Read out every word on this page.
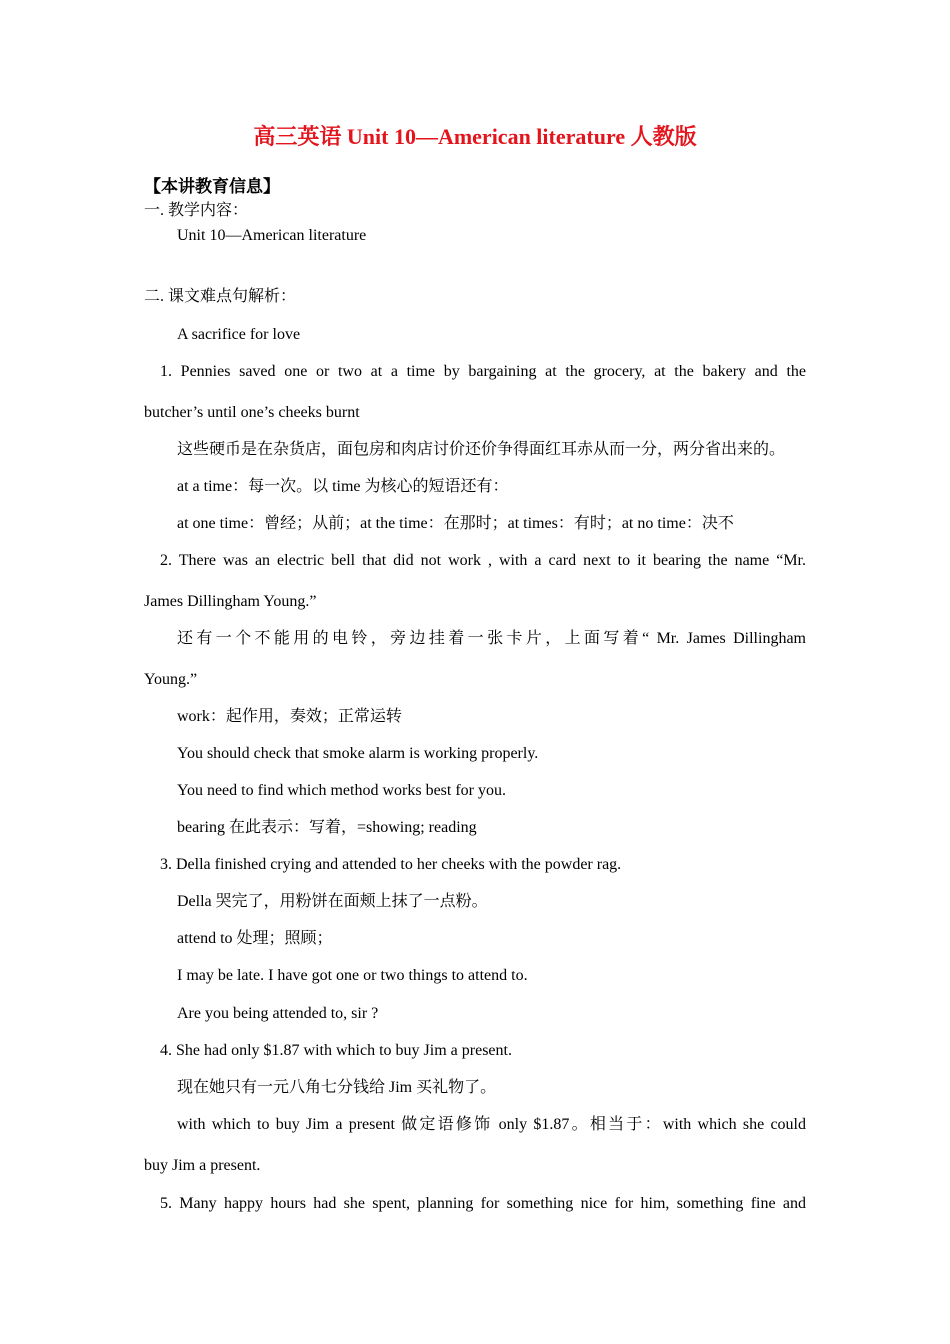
高三英语 Unit 10—American literature 人教版
【本讲教育信息】
一. 教学内容：
Unit 10—American literature
二. 课文难点句解析：
A sacrifice for love
1. Pennies saved one or two at a time by bargaining at the grocery, at the bakery and the
butcher’s until one’s cheeks burnt
这些硬币是在杂货店，面包房和肉店讨价还价争得面红耳赤从而一分，两分省出来的。
at a time：每一次。以 time 为核心的短语还有：
at one time：曾经；从前；at the time：在那时；at times：有时；at no time：决不
2. There was an electric bell that did not work , with a card next to it bearing the name “Mr.
James Dillingham Young.”
还有一个不能用的电铃，旁边挂着一张卡片，上面写着“ Mr. James Dillingham
Young.”
work：起作用，奏效；正常运转
You should check that smoke alarm is working properly.
You need to find which method works best for you.
bearing 在此表示：写着，=showing; reading
3. Della finished crying and attended to her cheeks with the powder rag.
Della 哭完了，用粉饼在面颊上抹了一点粉。
attend to 处理；照顾；
I may be late. I have got one or two things to attend to.
Are you being attended to, sir ?
4. She had only $1.87 with which to buy Jim a present.
现在她只有一元八角七分钱给 Jim 买礼物了。
with which to buy Jim a present 做定语修饰 only $1.87。相当于：with which she could
buy Jim a present.
5. Many happy hours had she spent, planning for something nice for him, something fine and
